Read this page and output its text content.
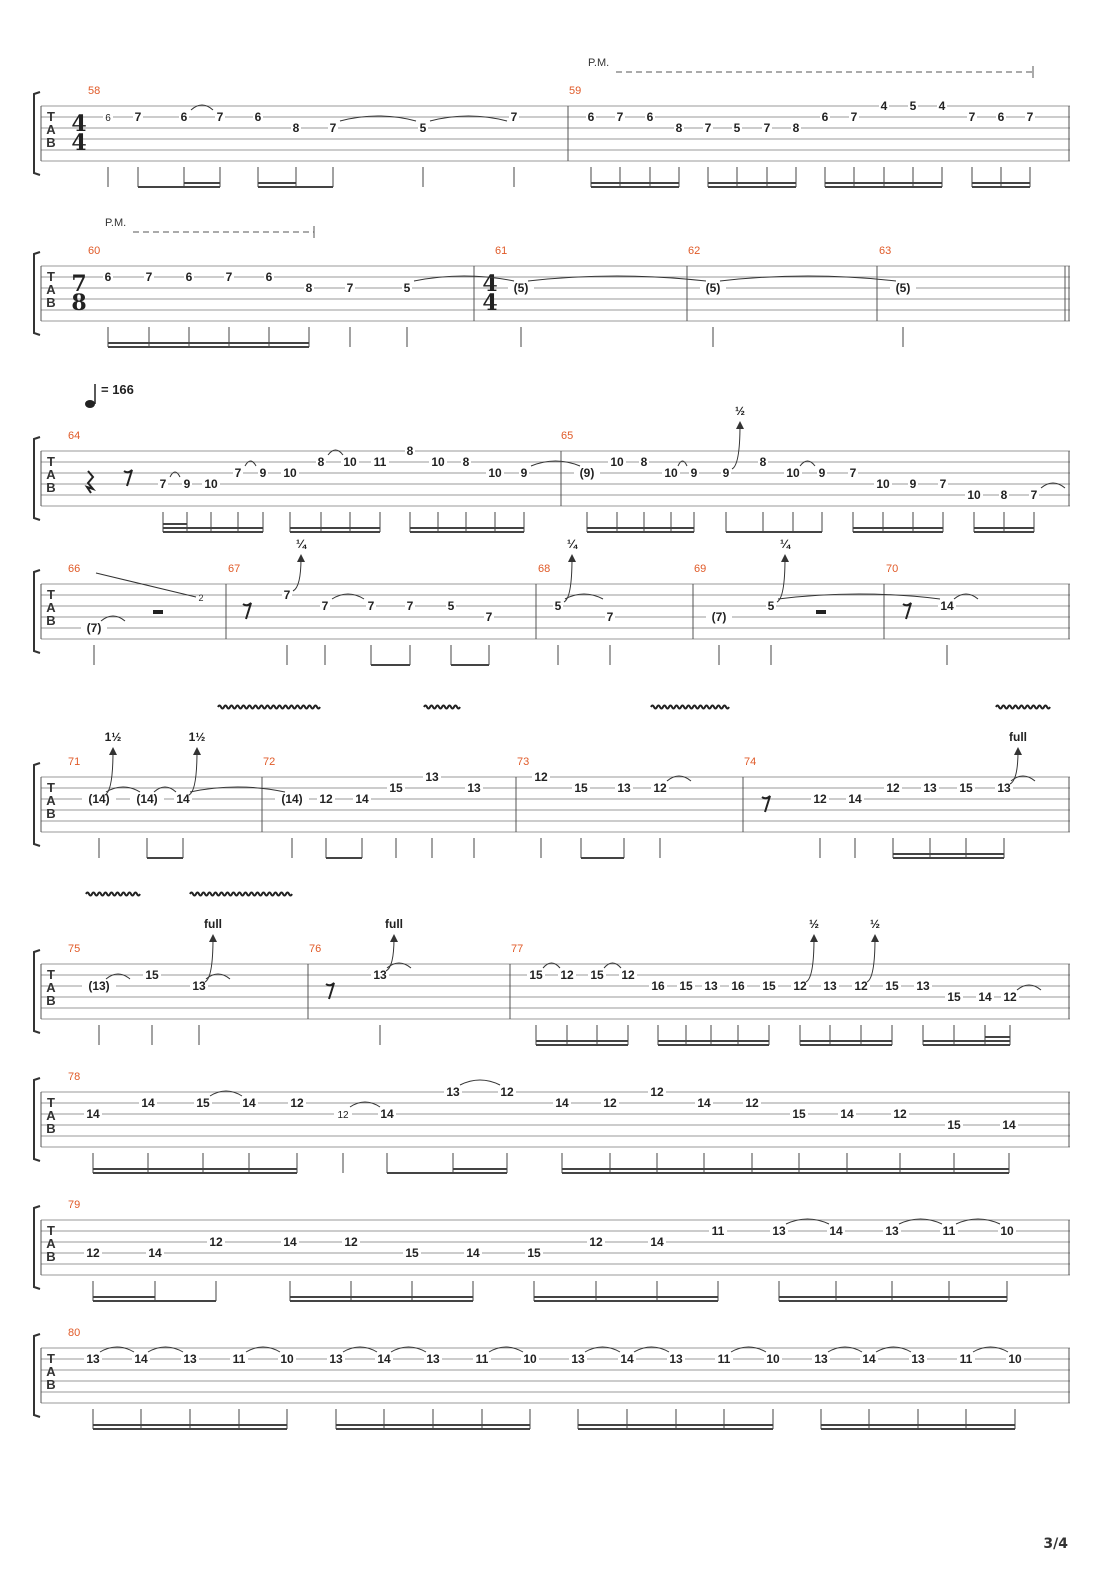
T
A
B
58	59
4
4
6 7	6 7	6
8	7	5
7	6 7 6
8 7 5 7 8
6 7
4 5 4
7 6 7
T
A
B
60	61	62	63
7
8
4
4
6	7	6	7	6
8	7	5	(5)	(5)	(5)
T
A
B
64	65
7 9 10
7 9 10
8 10 11
8
10 8
10 9	(9)
10 8
10 9 9
8
10 9 7
10 9 7
10 8 7
½
T
A
B
66	67	68	69	70
(7)
7
7	7	7	5
7
5
7	(7)
5	14
¼	¼	¼
T
A
B
71	72	73	74
(14) (14) 14	(14) 12 14
15
13
13
12
15 13 12
12 14
12 13 15 13
1½	1½	full
T
A
B
75	76	77
(13)
15
13
13	15 12 15 12
16 15 13 16 15 12 13 12 15 13
15 14 12
full	full	½	½
T
A
B
78
14
14	15	14	12
12	14
13	12
14	12
12
14	12
15	14	12
15	14
T
A
B
79
12	14
12	14	12
15	14	15
12	14
11	13	14	13	11	10
T
A
B
80
13	14	13	11	10	13	14	13	11	10	13	14	13	11	10	13	14	13	11	10
P.M.
P.M.
= 166
2
3/4
